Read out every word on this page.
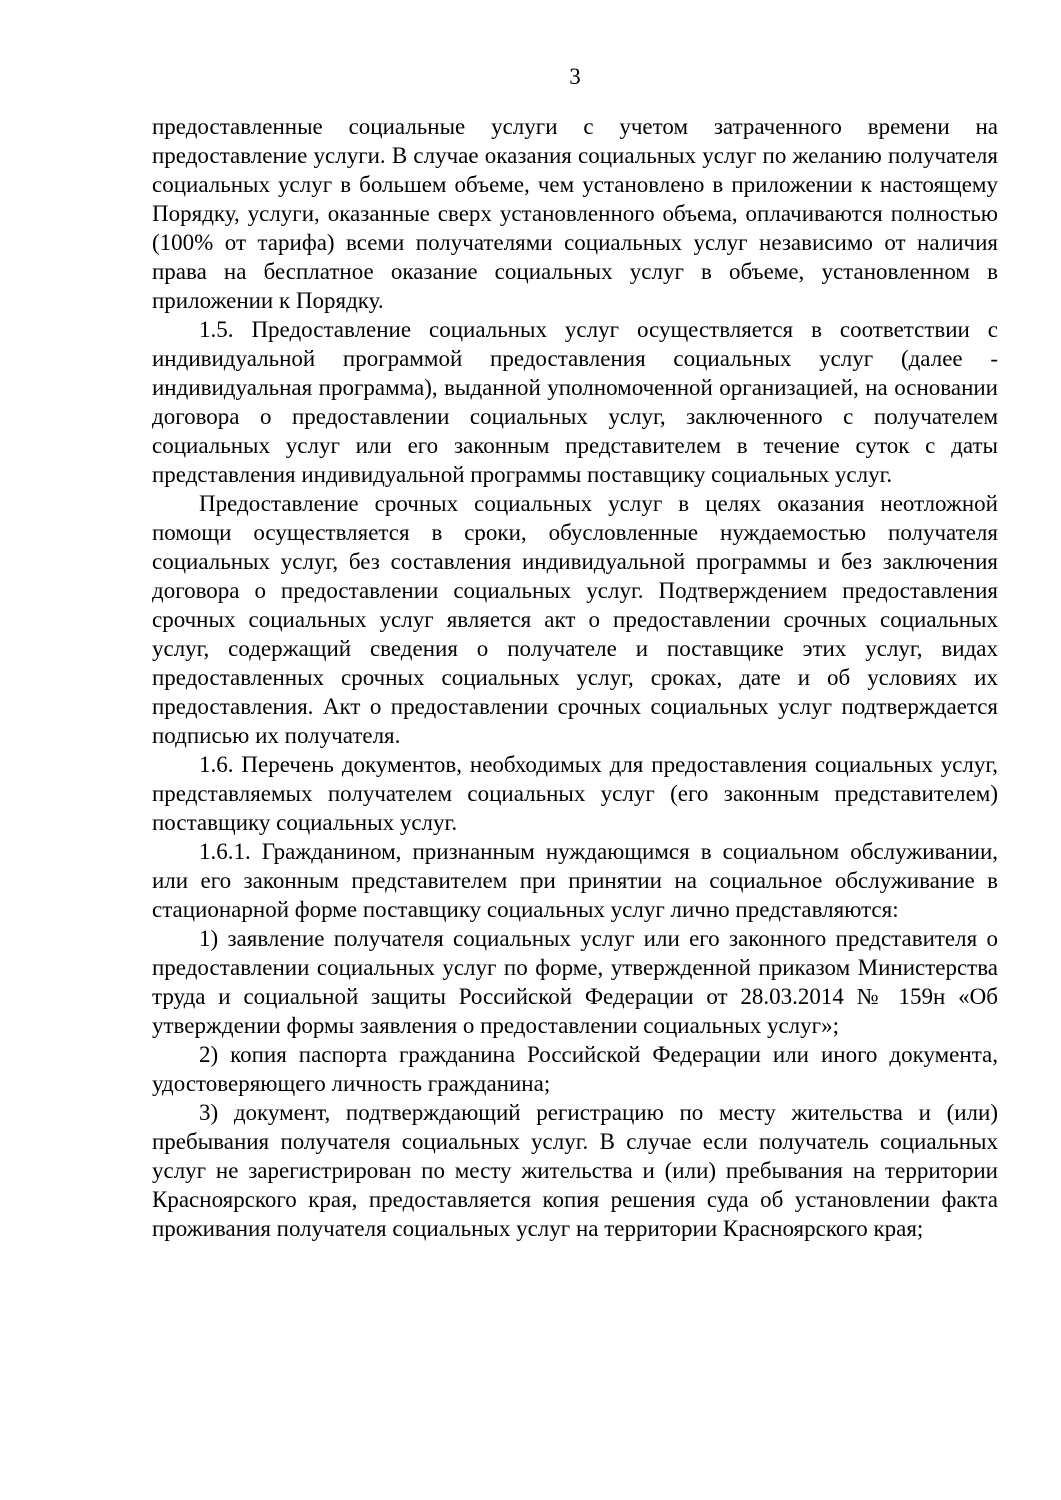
3

предоставленные социальные услуги с учетом затраченного времени на предоставление услуги. В случае оказания социальных услуг по желанию получателя социальных услуг в большем объеме, чем установлено в приложении к настоящему Порядку, услуги, оказанные сверх установленного объема, оплачиваются полностью (100% от тарифа) всеми получателями социальных услуг независимо от наличия права на бесплатное оказание социальных услуг в объеме, установленном в приложении к Порядку.

1.5. Предоставление социальных услуг осуществляется в соответствии с индивидуальной программой предоставления социальных услуг (далее - индивидуальная программа), выданной уполномоченной организацией, на основании договора о предоставлении социальных услуг, заключенного с получателем социальных услуг или его законным представителем в течение суток с даты представления индивидуальной программы поставщику социальных услуг.

Предоставление срочных социальных услуг в целях оказания неотложной помощи осуществляется в сроки, обусловленные нуждаемостью получателя социальных услуг, без составления индивидуальной программы и без заключения договора о предоставлении социальных услуг. Подтверждением предоставления срочных социальных услуг является акт о предоставлении срочных социальных услуг, содержащий сведения о получателе и поставщике этих услуг, видах предоставленных срочных социальных услуг, сроках, дате и об условиях их предоставления. Акт о предоставлении срочных социальных услуг подтверждается подписью их получателя.

1.6. Перечень документов, необходимых для предоставления социальных услуг, представляемых получателем социальных услуг (его законным представителем) поставщику социальных услуг.

1.6.1. Гражданином, признанным нуждающимся в социальном обслуживании, или его законным представителем при принятии на социальное обслуживание в стационарной форме поставщику социальных услуг лично представляются:

1) заявление получателя социальных услуг или его законного представителя о предоставлении социальных услуг по форме, утвержденной приказом Министерства труда и социальной защиты Российской Федерации от 28.03.2014 № 159н «Об утверждении формы заявления о предоставлении социальных услуг»;

2) копия паспорта гражданина Российской Федерации или иного документа, удостоверяющего личность гражданина;

3) документ, подтверждающий регистрацию по месту жительства и (или) пребывания получателя социальных услуг. В случае если получатель социальных услуг не зарегистрирован по месту жительства и (или) пребывания на территории Красноярского края, предоставляется копия решения суда об установлении факта проживания получателя социальных услуг на территории Красноярского края;
